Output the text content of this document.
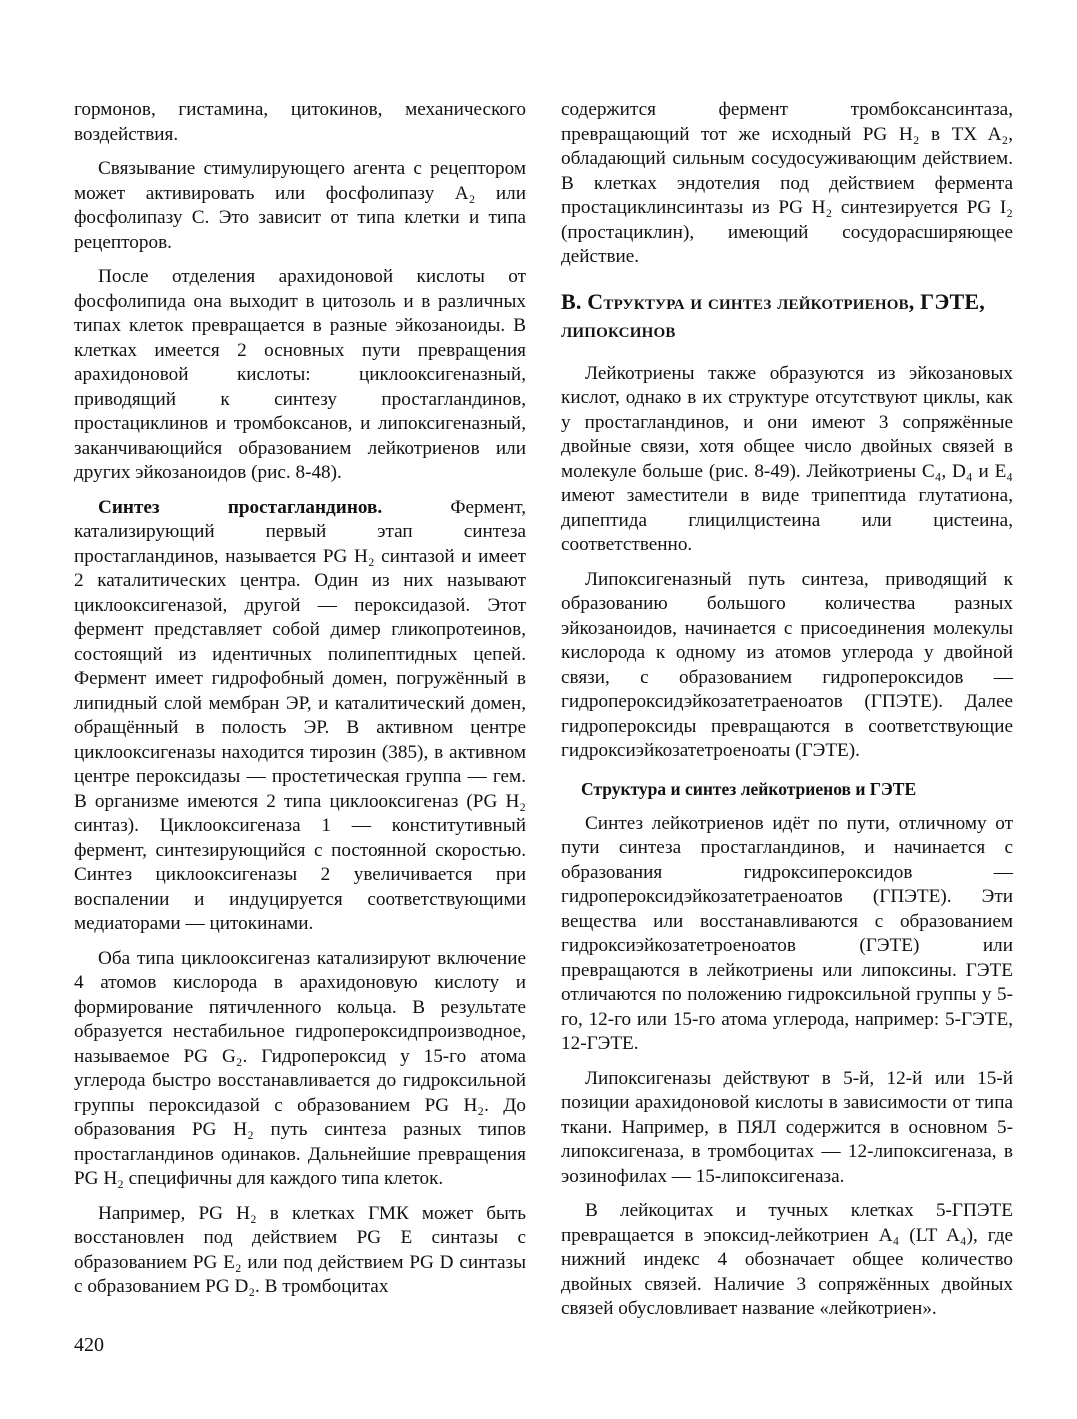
гормонов, гистамина, цитокинов, механического воздействия.

Связывание стимулирующего агента с рецептором может активировать или фосфолипазу A₂ или фосфолипазу C. Это зависит от типа клетки и типа рецепторов.

После отделения арахидоновой кислоты от фосфолипида она выходит в цитозоль и в различных типах клеток превращается в разные эйкозаноиды. В клетках имеется 2 основных пути превращения арахидоновой кислоты: циклооксигеназный, приводящий к синтезу простагландинов, простациклинов и тромбоксанов, и липоксигеназный, заканчивающийся образованием лейкотриенов или других эйкозаноидов (рис. 8-48).

Синтез простагландинов. Фермент, катализирующий первый этап синтеза простагландинов, называется PG H₂ синтазой и имеет 2 каталитических центра. Один из них называют циклооксигеназой, другой — пероксидазой. Этот фермент представляет собой димер гликопротеинов, состоящий из идентичных полипептидных цепей. Фермент имеет гидрофобный домен, погружённый в липидный слой мембран ЭР, и каталитический домен, обращённый в полость ЭР. В активном центре циклооксигеназы находится тирозин (385), в активном центре пероксидазы — простетическая группа — гем. В организме имеются 2 типа циклооксигеназ (PG H₂ синтаз). Циклооксигеназа 1 — конститутивный фермент, синтезирующийся с постоянной скоростью. Синтез циклооксигеназы 2 увеличивается при воспалении и индуцируется соответствующими медиаторами — цитокинами.

Оба типа циклооксигеназ катализируют включение 4 атомов кислорода в арахидоновую кислоту и формирование пятичленного кольца. В результате образуется нестабильное гидропероксидпроизводное, называемое PG G₂. Гидропероксид у 15-го атома углерода быстро восстанавливается до гидроксильной группы пероксидазой с образованием PG H₂. До образования PG H₂ путь синтеза разных типов простагландинов одинаков. Дальнейшие превращения PG H₂ специфичны для каждого типа клеток.

Например, PG H₂ в клетках ГМК может быть восстановлен под действием PG E синтазы с образованием PG E₂ или под действием PG D синтазы с образованием PG D₂. В тромбоцитах

содержится фермент тромбоксансинтаза, превращающий тот же исходный PG H₂ в TX A₂, обладающий сильным сосудосуживающим действием. В клетках эндотелия под действием фермента простациклинсинтазы из PG H₂ синтезируется PG I₂ (простациклин), имеющий сосудорасширяющее действие.

В. Структура и синтез лейкотриенов, ГЭТЕ, липоксинов

Лейкотриены также образуются из эйкозановых кислот, однако в их структуре отсутствуют циклы, как у простагландинов, и они имеют 3 сопряжённые двойные связи, хотя общее число двойных связей в молекуле больше (рис. 8-49). Лейкотриены C₄, D₄ и E₄ имеют заместители в виде трипептида глутатиона, дипептида глицилцистеина или цистеина, соответственно.

Липоксигеназный путь синтеза, приводящий к образованию большого количества разных эйкозаноидов, начинается с присоединения молекулы кислорода к одному из атомов углерода у двойной связи, с образованием гидропероксидов — гидропероксидэйкозатетраеноатов (ГПЭТЕ). Далее гидропероксиды превращаются в соответствующие гидроксиэйкозатетроеноаты (ГЭТЕ).

Структура и синтез лейкотриенов и ГЭТЕ

Синтез лейкотриенов идёт по пути, отличному от пути синтеза простагландинов, и начинается с образования гидроксипероксидов — гидропероксидэйкозатетраеноатов (ГПЭТЕ). Эти вещества или восстанавливаются с образованием гидроксиэйкозатетроеноатов (ГЭТЕ) или превращаются в лейкотриены или липоксины. ГЭТЕ отличаются по положению гидроксильной группы у 5-го, 12-го или 15-го атома углерода, например: 5-ГЭТЕ, 12-ГЭТЕ.

Липоксигеназы действуют в 5-й, 12-й или 15-й позиции арахидоновой кислоты в зависимости от типа ткани. Например, в ПЯЛ содержится в основном 5-липоксигеназа, в тромбоцитах — 12-липоксигеназа, в эозинофилах — 15-липоксигеназа.

В лейкоцитах и тучных клетках 5-ГПЭТЕ превращается в эпоксид-лейкотриен A₄ (LT A₄), где нижний индекс 4 обозначает общее количество двойных связей. Наличие 3 сопряжённых двойных связей обусловливает название «лейкотриен».

420
